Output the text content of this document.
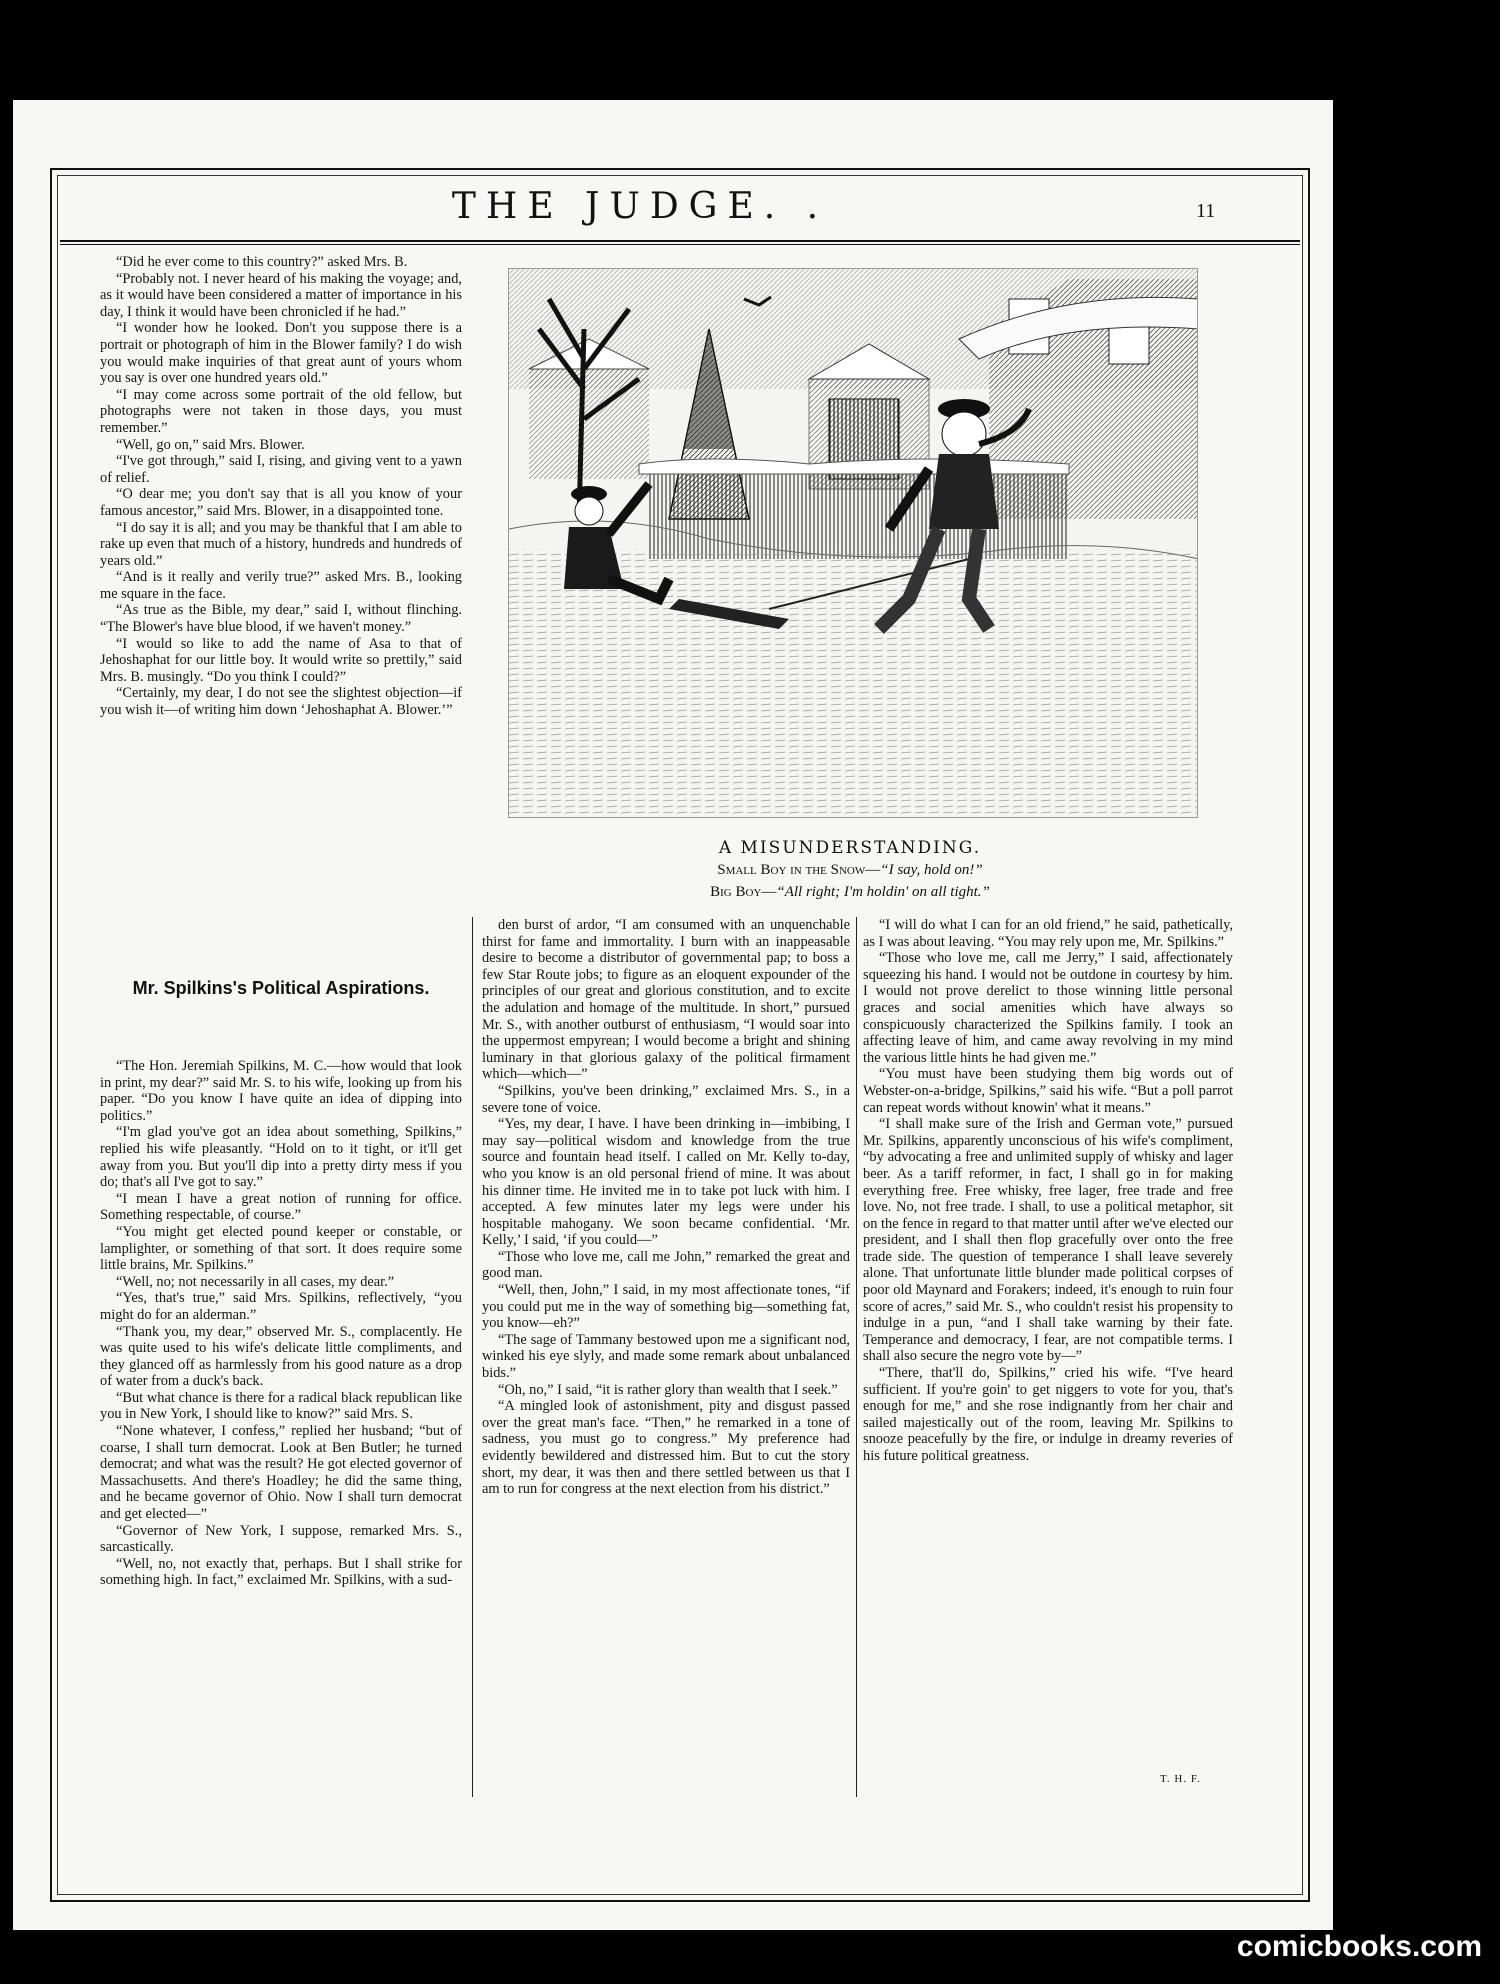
THE JUDGE. .	11

“Did he ever come to this country?” asked Mrs. B.

“Probably not. I never heard of his making the voyage; and, as it would have been considered a matter of importance in his day, I think it would have been chronicled if he had.”

“I wonder how he looked. Don't you suppose there is a portrait or photograph of him in the Blower family? I do wish you would make inquiries of that great aunt of yours whom you say is over one hundred years old.”

“I may come across some portrait of the old fellow, but photographs were not taken in those days, you must remember.”

“Well, go on,” said Mrs. Blower.

“I've got through,” said I, rising, and giving vent to a yawn of relief.

“O dear me; you don't say that is all you know of your famous ancestor,” said Mrs. Blower, in a disappointed tone.

“I do say it is all; and you may be thankful that I am able to rake up even that much of a history, hundreds and hundreds of years old.”

“And is it really and verily true?” asked Mrs. B., looking me square in the face.

“As true as the Bible, my dear,” said I, without flinching. “The Blower's have blue blood, if we haven't money.”

“I would so like to add the name of Asa to that of Jehoshaphat for our little boy. It would write so prettily,” said Mrs. B. musingly. “Do you think I could?”

“Certainly, my dear, I do not see the slightest objection—if you wish it—of writing him down ‘Jehoshaphat A. Blower.’”

Mr. Spilkins's Political Aspirations.

“The Hon. Jeremiah Spilkins, M. C.—how would that look in print, my dear?” said Mr. S. to his wife, looking up from his paper. “Do you know I have quite an idea of dipping into politics.”

“I'm glad you've got an idea about something, Spilkins,” replied his wife pleasantly. “Hold on to it tight, or it'll get away from you. But you'll dip into a pretty dirty mess if you do; that's all I've got to say.”

“I mean I have a great notion of running for office. Something respectable, of course.”

“You might get elected pound keeper or constable, or lamplighter, or something of that sort. It does require some little brains, Mr. Spilkins.”

“Well, no; not necessarily in all cases, my dear.”

“Yes, that's true,” said Mrs. Spilkins, reflectively, “you might do for an alderman.”

“Thank you, my dear,” observed Mr. S., complacently. He was quite used to his wife's delicate little compliments, and they glanced off as harmlessly from his good nature as a drop of water from a duck's back.

“But what chance is there for a radical black republican like you in New York, I should like to know?” said Mrs. S.

“None whatever, I confess,” replied her husband; “but of coarse, I shall turn democrat. Look at Ben Butler; he turned democrat; and what was the result? He got elected governor of Massachusetts. And there's Hoadley; he did the same thing, and he became governor of Ohio. Now I shall turn democrat and get elected—”

“Governor of New York, I suppose, remarked Mrs. S., sarcastically.

“Well, no, not exactly that, perhaps. But I shall strike for something high. In fact,” exclaimed Mr. Spilkins, with a sud-

A MISUNDERSTANDING.
Small Boy in the Snow—“I say, hold on!”
Big Boy—“All right; I'm holdin' on all tight.”

den burst of ardor, “I am consumed with an unquenchable thirst for fame and immortality. I burn with an inappeasable desire to become a distributor of governmental pap; to boss a few Star Route jobs; to figure as an eloquent expounder of the principles of our great and glorious constitution, and to excite the adulation and homage of the multitude. In short,” pursued Mr. S., with another outburst of enthusiasm, “I would soar into the uppermost empyrean; I would become a bright and shining luminary in that glorious galaxy of the political firmament which—which—”

“Spilkins, you've been drinking,” exclaimed Mrs. S., in a severe tone of voice.

“Yes, my dear, I have. I have been drinking in—imbibing, I may say—political wisdom and knowledge from the true source and fountain head itself. I called on Mr. Kelly to-day, who you know is an old personal friend of mine. It was about his dinner time. He invited me in to take pot luck with him. I accepted. A few minutes later my legs were under his hospitable mahogany. We soon became confidential. ‘Mr. Kelly,’ I said, ‘if you could—”

“Those who love me, call me John,” remarked the great and good man.

“Well, then, John,” I said, in my most affectionate tones, “if you could put me in the way of something big—something fat, you know—eh?”

“The sage of Tammany bestowed upon me a significant nod, winked his eye slyly, and made some remark about unbalanced bids.”

“Oh, no,” I said, “it is rather glory than wealth that I seek.”

“A mingled look of astonishment, pity and disgust passed over the great man's face. “Then,” he remarked in a tone of sadness, you must go to congress.” My preference had evidently bewildered and distressed him. But to cut the story short, my dear, it was then and there settled between us that I am to run for congress at the next election from his district.”

“I will do what I can for an old friend,” he said, pathetically, as I was about leaving. “You may rely upon me, Mr. Spilkins.”

“Those who love me, call me Jerry,” I said, affectionately squeezing his hand. I would not be outdone in courtesy by him. I would not prove derelict to those winning little personal graces and social amenities which have always so conspicuously characterized the Spilkins family. I took an affecting leave of him, and came away revolving in my mind the various little hints he had given me.”

“You must have been studying them big words out of Webster-on-a-bridge, Spilkins,” said his wife. “But a poll parrot can repeat words without knowin' what it means.”

“I shall make sure of the Irish and German vote,” pursued Mr. Spilkins, apparently unconscious of his wife's compliment, “by advocating a free and unlimited supply of whisky and lager beer. As a tariff reformer, in fact, I shall go in for making everything free. Free whisky, free lager, free trade and free love. No, not free trade. I shall, to use a political metaphor, sit on the fence in regard to that matter until after we've elected our president, and I shall then flop gracefully over onto the free trade side. The question of temperance I shall leave severely alone. That unfortunate little blunder made political corpses of poor old Maynard and Forakers; indeed, it's enough to ruin four score of acres,” said Mr. S., who couldn't resist his propensity to indulge in a pun, “and I shall take warning by their fate. Temperance and democracy, I fear, are not compatible terms. I shall also secure the negro vote by—”

“There, that'll do, Spilkins,” cried his wife. “I've heard sufficient. If you're goin' to get niggers to vote for you, that's enough for me,” and she rose indignantly from her chair and sailed majestically out of the room, leaving Mr. Spilkins to snooze peacefully by the fire, or indulge in dreamy reveries of his future political greatness.

T. H. F.
comicbooks.com
